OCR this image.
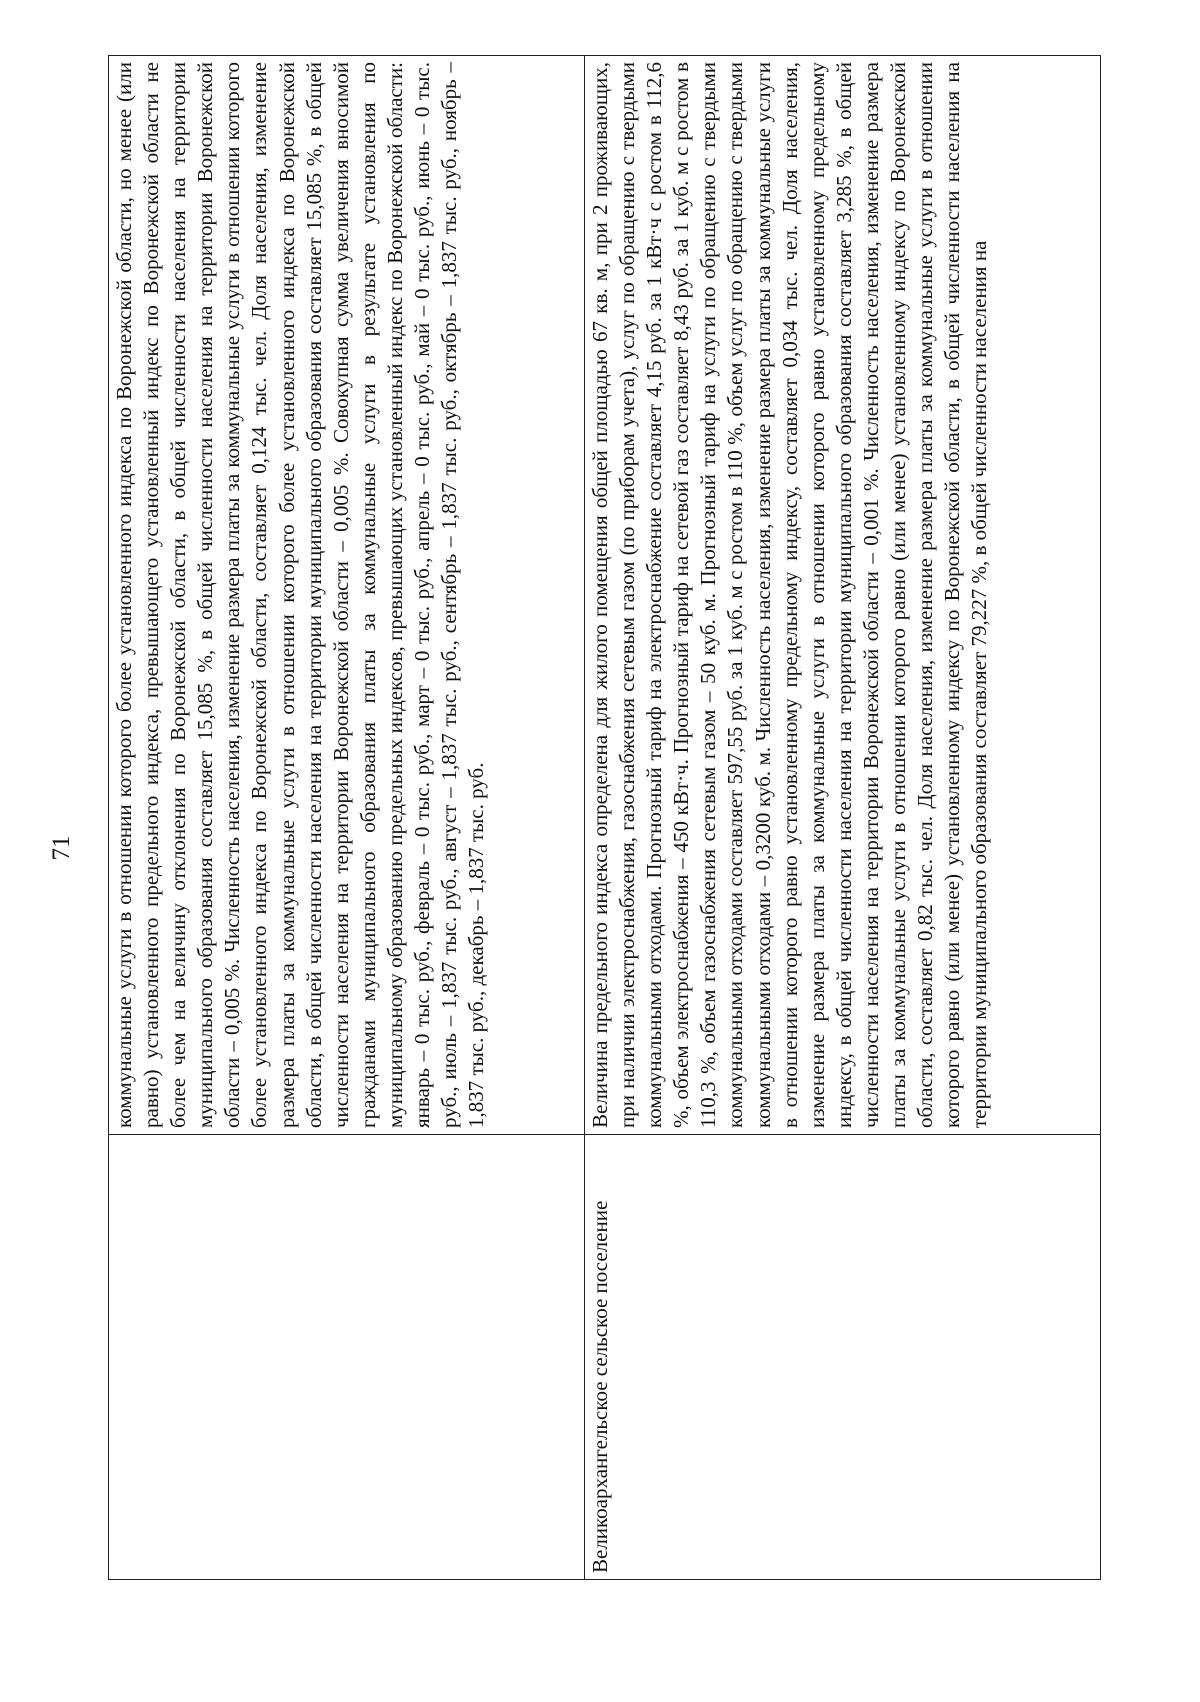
71
		коммунальные услуги в отношении которого более установленного индекса по Воронежской области, но менее (или равно) установленного предельного индекса, превышающего установленный индекс по Воронежской области не более чем на величину отклонения по Воронежской области, в общей численности населения на территории муниципального образования составляет 15,085 %, в общей численности населения на территории Воронежской области – 0,005 %. Численность населения, изменение размера платы за коммунальные услуги в отношении которого более установленного индекса по Воронежской области, составляет 0,124 тыс. чел. Доля населения, изменение размера платы за коммунальные услуги в отношении которого более установленного индекса по Воронежской области, в общей численности населения на территории муниципального образования составляет 15,085 %, в общей численности населения на территории Воронежской области – 0,005 %. Совокупная сумма увеличения вносимой гражданами муниципального образования платы за коммунальные услуги в результате установления по муниципальному образованию предельных индексов, превышающих установленный индекс по Воронежской области: январь – 0 тыс. руб., февраль – 0 тыс. руб., март – 0 тыс. руб., апрель – 0 тыс. руб., май – 0 тыс. руб., июнь – 0 тыс. руб., июль – 1,837 тыс. руб., август – 1,837 тыс. руб., сентябрь – 1,837 тыс. руб., октябрь – 1,837 тыс. руб., ноябрь – 1,837 тыс. руб., декабрь – 1,837 тыс. руб.
Великоархангельское сельское поселение	Величина предельного индекса определена для жилого помещения общей площадью 67 кв. м, при 2 проживающих, при наличии электроснабжения, газоснабжения сетевым газом (по приборам учета), услуг по обращению с твердыми коммунальными отходами. Прогнозный тариф на электроснабжение составляет 4,15 руб. за 1 кВт·ч с ростом в 112,6 %, объем электроснабжения – 450 кВт·ч. Прогнозный тариф на сетевой газ составляет 8,43 руб. за 1 куб. м с ростом в 110,3 %, объем газоснабжения сетевым газом – 50 куб. м. Прогнозный тариф на услуги по обращению с твердыми коммунальными отходами составляет 597,55 руб. за 1 куб. м с ростом в 110 %, объем услуг по обращению с твердыми коммунальными отходами – 0,3200 куб. м. Численность населения, изменение размера платы за коммунальные услуги в отношении которого равно установленному предельному индексу, составляет 0,034 тыс. чел. Доля населения, изменение размера платы за коммунальные услуги в отношении которого равно установленному предельному индексу, в общей численности населения на территории муниципального образования составляет 3,285 %, в общей численности населения на территории Воронежской области – 0,001 %. Численность населения, изменение размера платы за коммунальные услуги в отношении которого равно (или менее) установленному индексу по Воронежской области, составляет 0,82 тыс. чел. Доля населения, изменение размера платы за коммунальные услуги в отношении которого равно (или менее) установленному индексу по Воронежской области, в общей численности населения на территории муниципального образования составляет 79,227 %, в общей численности населения на
